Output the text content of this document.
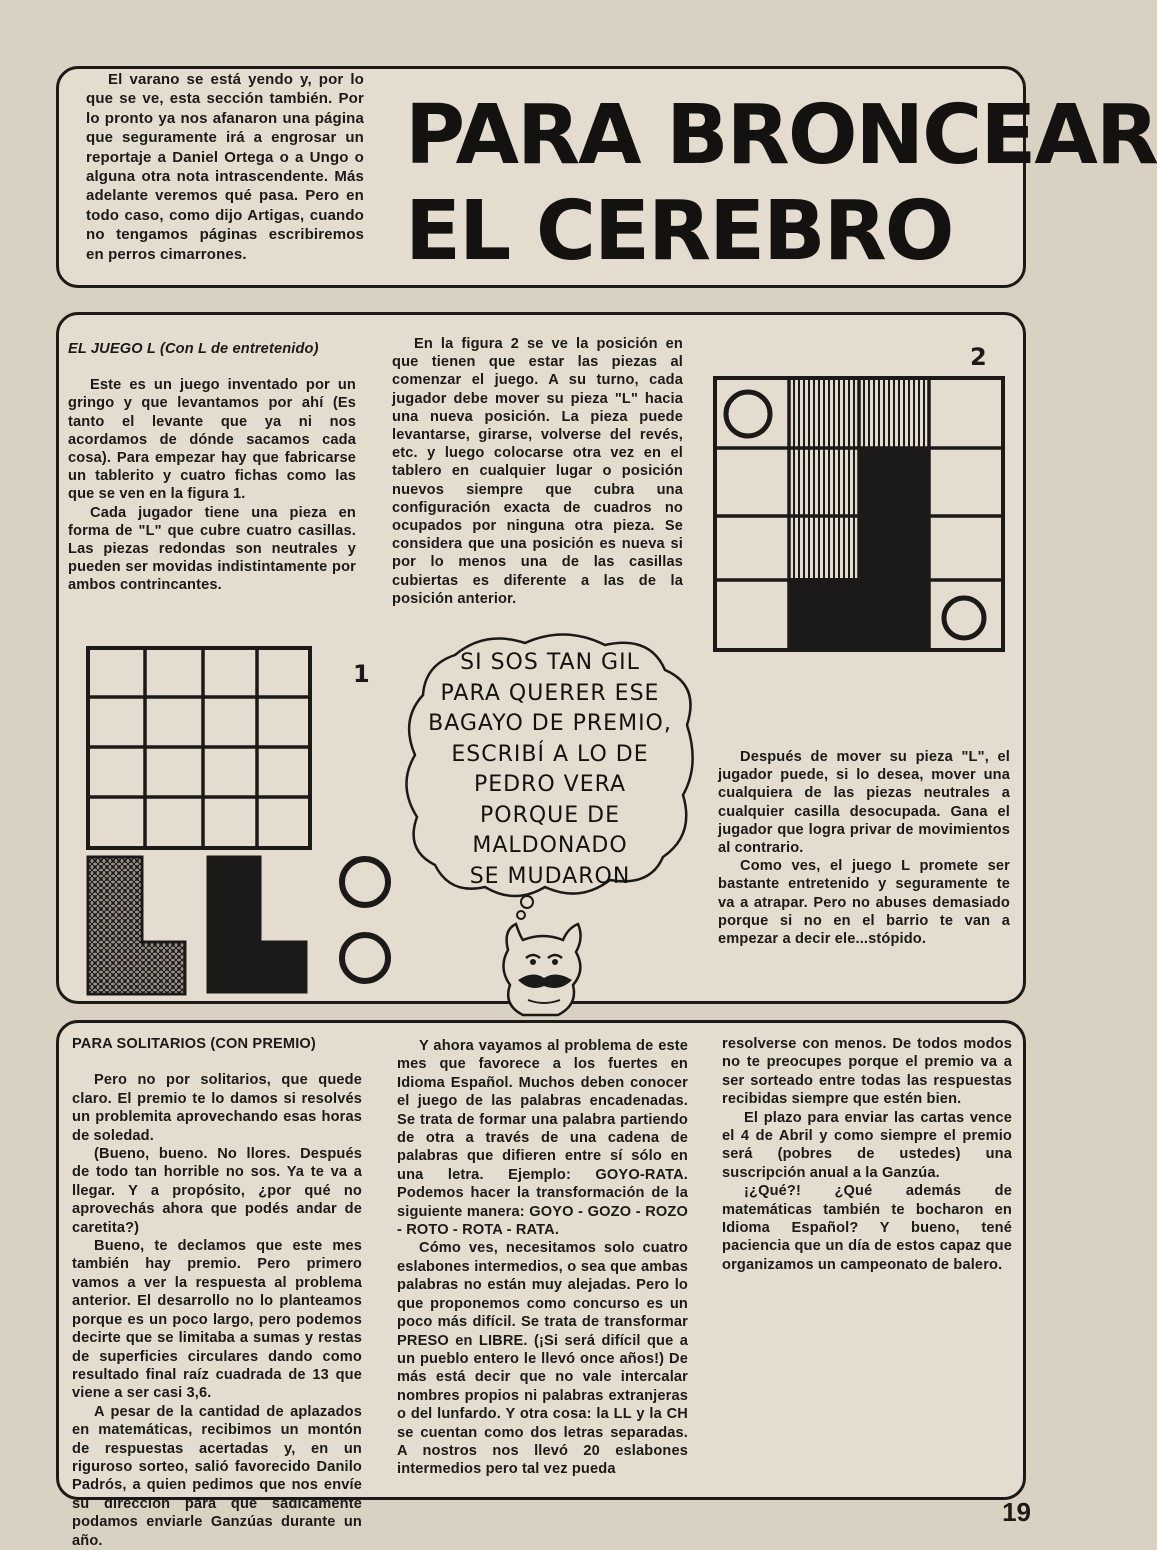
El varano se está yendo y, por lo que se ve, esta sección también. Por lo pronto ya nos afanaron una página que seguramente irá a engrosar un reportaje a Daniel Ortega o a Ungo o alguna otra nota intrascendente. Más adelante veremos qué pasa. Pero en todo caso, como dijo Artigas, cuando no tengamos páginas escribiremos en perros cimarrones.

PARA BRONCEAR
EL CEREBRO

EL JUEGO L (Con L de entretenido)

Este es un juego inventado por un gringo y que levantamos por ahí (Es tanto el levante que ya ni nos acordamos de dónde sacamos cada cosa). Para empezar hay que fabricarse un tablerito y cuatro fichas como las que se ven en la figura 1.

Cada jugador tiene una pieza en forma de "L" que cubre cuatro casillas. Las piezas redondas son neutrales y pueden ser movidas indistintamente por ambos contrincantes.

En la figura 2 se ve la posición en que tienen que estar las piezas al comenzar el juego. A su turno, cada jugador debe mover su pieza "L" hacia una nueva posición. La pieza puede levantarse, girarse, volverse del revés, etc. y luego colocarse otra vez en el tablero en cualquier lugar o posición nuevos siempre que cubra una configuración exacta de cuadros no ocupados por ninguna otra pieza. Se considera que una posición es nueva si por lo menos una de las casillas cubiertas es diferente a las de la posición anterior.

Después de mover su pieza "L", el jugador puede, si lo desea, mover una cualquiera de las piezas neutrales a cualquier casilla desocupada. Gana el jugador que logra privar de movimientos al contrario.

Como ves, el juego L promete ser bastante entretenido y seguramente te va a atrapar. Pero no abuses demasiado porque si no en el barrio te van a empezar a decir ele...stópido.

1
2
SI SOS TAN GIL
PARA QUERER ESE
BAGAYO DE PREMIO,
ESCRIBÍ A LO DE
PEDRO VERA
PORQUE DE
MALDONADO
SE MUDARON

PARA SOLITARIOS (CON PREMIO)

Pero no por solitarios, que quede claro. El premio te lo damos si resolvés un problemita aprovechando esas horas de soledad.

(Bueno, bueno. No llores. Después de todo tan horrible no sos. Ya te va a llegar. Y a propósito, ¿por qué no aprovechás ahora que podés andar de caretita?)

Bueno, te declamos que este mes también hay premio. Pero primero vamos a ver la respuesta al problema anterior. El desarrollo no lo planteamos porque es un poco largo, pero podemos decirte que se limitaba a sumas y restas de superficies circulares dando como resultado final raíz cuadrada de 13 que viene a ser casi 3,6.

A pesar de la cantidad de aplazados en matemáticas, recibimos un montón de respuestas acertadas y, en un riguroso sorteo, salió favorecido Danilo Padrós, a quien pedimos que nos envíe su dirección para que sádicamente podamos enviarle Ganzúas durante un año.

Y ahora vayamos al problema de este mes que favorece a los fuertes en Idioma Español. Muchos deben conocer el juego de las palabras encadenadas. Se trata de formar una palabra partiendo de otra a través de una cadena de palabras que difieren entre sí sólo en una letra. Ejemplo: GOYO-RATA. Podemos hacer la transformación de la siguiente manera: GOYO - GOZO - ROZO - ROTO - ROTA - RATA.

Cómo ves, necesitamos solo cuatro eslabones intermedios, o sea que ambas palabras no están muy alejadas. Pero lo que proponemos como concurso es un poco más difícil. Se trata de transformar PRESO en LIBRE. (¡Si será difícil que a un pueblo entero le llevó once años!) De más está decir que no vale intercalar nombres propios ni palabras extranjeras o del lunfardo. Y otra cosa: la LL y la CH se cuentan como dos letras separadas. A nostros nos llevó 20 eslabones intermedios pero tal vez pueda

resolverse con menos. De todos modos no te preocupes porque el premio va a ser sorteado entre todas las respuestas recibidas siempre que estén bien.

El plazo para enviar las cartas vence el 4 de Abril y como siempre el premio será (pobres de ustedes) una suscripción anual a la Ganzúa.

¡¿Qué?! ¿Qué además de matemáticas también te bocharon en Idioma Español? Y bueno, tené paciencia que un día de estos capaz que organizamos un campeonato de balero.

19
